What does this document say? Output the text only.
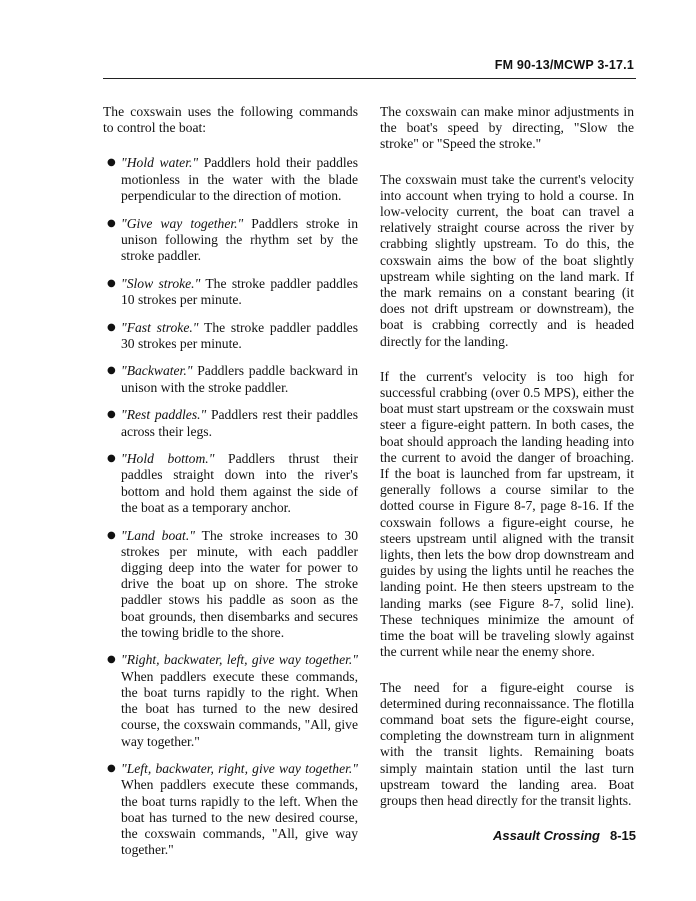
FM 90-13/MCWP 3-17.1

The coxswain uses the following commands to control the boat:

● "Hold water." Paddlers hold their paddles motionless in the water with the blade perpendicular to the direction of motion.
● "Give way together." Paddlers stroke in unison following the rhythm set by the stroke paddler.
● "Slow stroke." The stroke paddler paddles 10 strokes per minute.
● "Fast stroke." The stroke paddler paddles 30 strokes per minute.
● "Backwater." Paddlers paddle backward in unison with the stroke paddler.
● "Rest paddles." Paddlers rest their paddles across their legs.
● "Hold bottom." Paddlers thrust their paddles straight down into the river's bottom and hold them against the side of the boat as a temporary anchor.
● "Land boat." The stroke increases to 30 strokes per minute, with each paddler digging deep into the water for power to drive the boat up on shore. The stroke paddler stows his paddle as soon as the boat grounds, then disembarks and secures the towing bridle to the shore.
● "Right, backwater, left, give way together." When paddlers execute these commands, the boat turns rapidly to the right. When the boat has turned to the new desired course, the coxswain commands, "All, give way together."
● "Left, backwater, right, give way together." When paddlers execute these commands, the boat turns rapidly to the left. When the boat has turned to the new desired course, the coxswain commands, "All, give way together."

The coxswain can make minor adjustments in the boat's speed by directing, "Slow the stroke" or "Speed the stroke."

The coxswain must take the current's velocity into account when trying to hold a course. In low-velocity current, the boat can travel a relatively straight course across the river by crabbing slightly upstream. To do this, the coxswain aims the bow of the boat slightly upstream while sighting on the land mark. If the mark remains on a constant bearing (it does not drift upstream or downstream), the boat is crabbing correctly and is headed directly for the landing.

If the current's velocity is too high for successful crabbing (over 0.5 MPS), either the boat must start upstream or the coxswain must steer a figure-eight pattern. In both cases, the boat should approach the landing heading into the current to avoid the danger of broaching. If the boat is launched from far upstream, it generally follows a course similar to the dotted course in Figure 8-7, page 8-16. If the coxswain follows a figure-eight course, he steers upstream until aligned with the transit lights, then lets the bow drop downstream and guides by using the lights until he reaches the landing point. He then steers upstream to the landing marks (see Figure 8-7, solid line). These techniques minimize the amount of time the boat will be traveling slowly against the current while near the enemy shore.

The need for a figure-eight course is determined during reconnaissance. The flotilla command boat sets the figure-eight course, completing the downstream turn in alignment with the transit lights. Remaining boats simply maintain station until the last turn upstream toward the landing area. Boat groups then head directly for the transit lights.

Assault Crossing 8-15
